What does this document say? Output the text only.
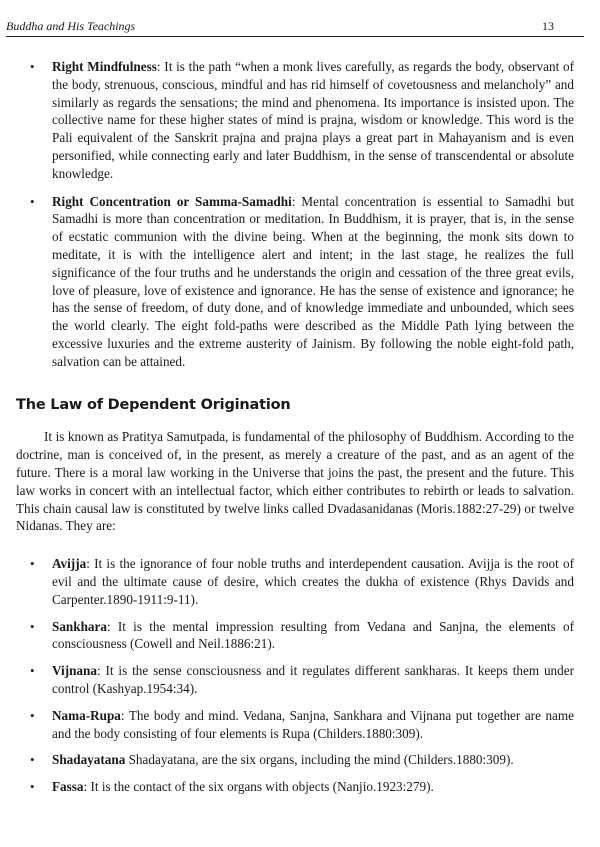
Buddha and His Teachings	13
• Right Mindfulness: It is the path “when a monk lives carefully, as regards the body, observant of the body, strenuous, conscious, mindful and has rid himself of covetousness and melancholy” and similarly as regards the sensations; the mind and phenomena. Its importance is insisted upon. The collective name for these higher states of mind is prajna, wisdom or knowledge. This word is the Pali equivalent of the Sanskrit prajna and prajna plays a great part in Mahayanism and is even personified, while connecting early and later Buddhism, in the sense of transcendental or absolute knowledge.
• Right Concentration or Samma-Samadhi: Mental concentration is essential to Samadhi but Samadhi is more than concentration or meditation. In Buddhism, it is prayer, that is, in the sense of ecstatic communion with the divine being. When at the beginning, the monk sits down to meditate, it is with the intelligence alert and intent; in the last stage, he realizes the full significance of the four truths and he understands the origin and cessation of the three great evils, love of pleasure, love of existence and ignorance. He has the sense of existence and ignorance; he has the sense of freedom, of duty done, and of knowledge immediate and unbounded, which sees the world clearly. The eight fold-paths were described as the Middle Path lying between the excessive luxuries and the extreme austerity of Jainism. By following the noble eight-fold path, salvation can be attained.
The Law of Dependent Origination

It is known as Pratitya Samutpada, is fundamental of the philosophy of Buddhism. According to the doctrine, man is conceived of, in the present, as merely a creature of the past, and as an agent of the future. There is a moral law working in the Universe that joins the past, the present and the future. This law works in concert with an intellectual factor, which either contributes to rebirth or leads to salvation. This chain causal law is constituted by twelve links called Dvadasanidanas (Moris.1882:27-29) or twelve Nidanas. They are:

• Avijja: It is the ignorance of four noble truths and interdependent causation. Avijja is the root of evil and the ultimate cause of desire, which creates the dukha of existence (Rhys Davids and Carpenter.1890-1911:9-11).
• Sankhara: It is the mental impression resulting from Vedana and Sanjna, the elements of consciousness (Cowell and Neil.1886:21).
• Vijnana: It is the sense consciousness and it regulates different sankharas. It keeps them under control (Kashyap.1954:34).
• Nama-Rupa: The body and mind. Vedana, Sanjna, Sankhara and Vijnana put together are name and the body consisting of four elements is Rupa (Childers.1880:309).
• Shadayatana Shadayatana, are the six organs, including the mind (Childers.1880:309).
• Fassa: It is the contact of the six organs with objects (Nanjio.1923:279).
